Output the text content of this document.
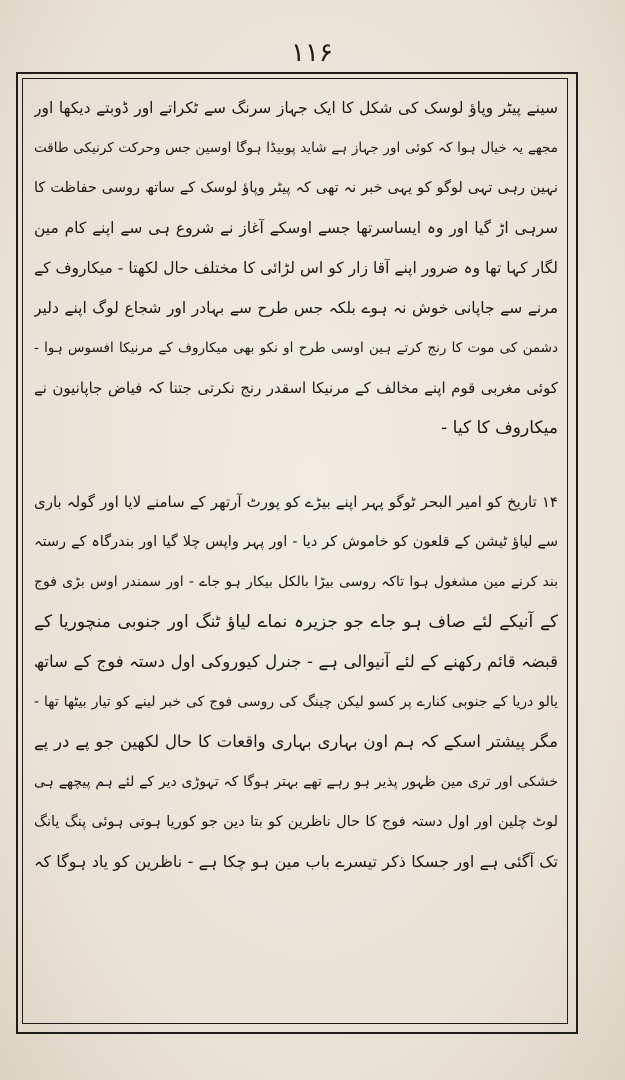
۱۱۶
سینے پیٹر وپاؤ لوسک کی شکل کا ایک جہاز سرنگ سے ٹکراتے اور ڈوبتے دیکھا اور
مجھے یہ خیال ہوا کہ کوئی اور جہاز ہے شاید پوبیڈا ہوگا اوسین جس وحرکت کرنیکی طاقت
نہین رہی تہی لوگو کو یہی خبر نہ تھی کہ پیٹر وپاؤ لوسک کے ساتھ روسی حفاظت کا
سرہی اڑ گیا اور وہ ایساسرتھا جسے اوسکے آغاز نے شروع ہی سے اپنے کام مین
لگار کہا تھا وہ ضرور اپنے آقا زار کو اس لڑائی کا مختلف حال لکھتا - میکاروف کے
مرنے سے جاپانی خوش نہ ہوے بلکہ جس طرح سے بہادر اور شجاع لوگ اپنے دلیر
دشمن کی موت کا رنج کرتے ہین اوسی طرح او نکو بھی میکاروف کے مرنیکا افسوس ہوا -
کوئی مغربی قوم اپنے مخالف کے مرنیکا اسقدر رنج نکرتی جتنا کہ فیاض جاپانیون نے
میکاروف کا کیا -
۱۴ تاریخ کو امیر البحر ٹوگو پہر اپنے بیڑے کو پورٹ آرتھر کے سامنے لایا اور گولہ باری
سے لیاؤ ٹیشن کے قلعون کو خاموش کر دیا - اور پہر واپس چلا گیا اور بندرگاہ کے رستہ
بند کرنے مین مشغول ہوا تاکہ روسی بیڑا بالکل بیکار ہو جاے - اور سمندر اوس بڑی فوج
کے آنیکے لئے صاف ہو جاے جو جزیرہ نماے لیاؤ ٹنگ اور جنوبی منچوریا کے
قبضہ قائم رکھنے کے لئے آنیوالی ہے - جنرل کیوروکی اول دستہ فوج کے ساتھ
یالو دریا کے جنوبی کنارے پر کسو لیکن چینگ کی روسی فوج کی خبر لینے کو تیار بیٹھا تھا -
مگر پیشتر اسکے کہ ہم اون بہاری بہاری واقعات کا حال لکھین جو پے در پے
خشکی اور تری مین ظہور پذیر ہو رہے تھے بہتر ہوگا کہ تہوڑی دیر کے لئے ہم پیچھے ہی
لوٹ چلین اور اول دستہ فوج کا حال ناظرین کو بتا دین جو کوریا ہوتی ہوئی پنگ یانگ
تک آگئی ہے اور جسکا ذکر تیسرے باب مین ہو چکا ہے - ناظرین کو یاد ہوگا کہ
